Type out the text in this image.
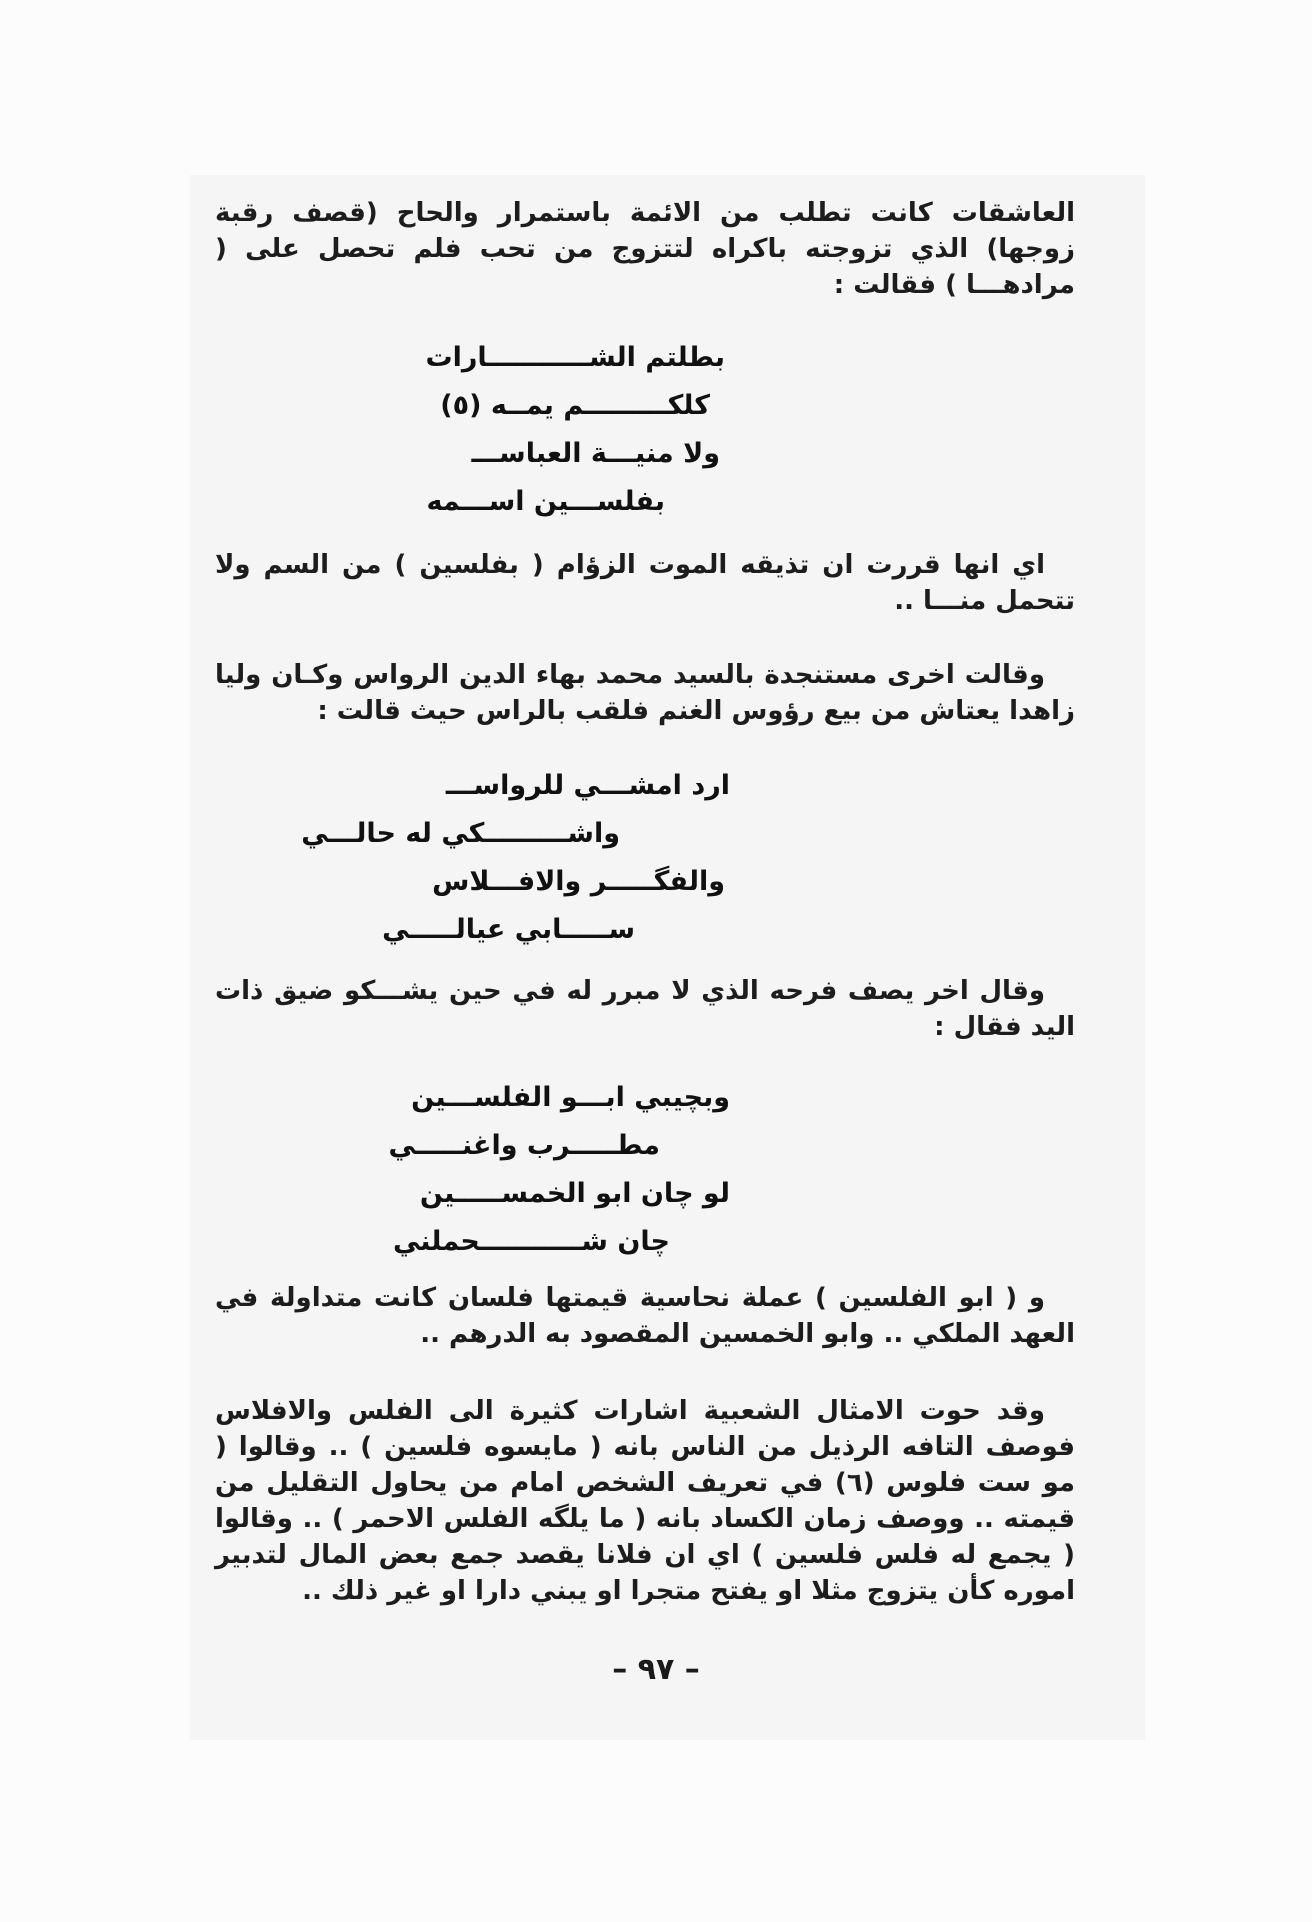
العاشقات كانت تطلب من الائمة باستمرار والحاح (قصف رقبة زوجها) الذي تزوجته باكراه لتتزوج من تحب فلم تحصل على ( مرادهـــا ) فقالت :

بطلتم الشـــــــــــارات

كلكـــــــــم يمــه (٥)

ولا منيـــة العباســـ

بفلســـين اســـمه

اي انها قررت ان تذيقه الموت الزؤام ( بفلسين ) من السم ولا تتحمل منـــا ..

وقالت اخرى مستنجدة بالسيد محمد بهاء الدين الرواس وكـان وليا زاهدا يعتاش من بيع رؤوس الغنم فلقب بالراس حيث قالت :

ارد امشـــي للرواســـ

واشـــــــــكي له حالـــي

والفگـــــر والافـــلاس

ســـــابي عيالـــــي

وقال اخر يصف فرحه الذي لا مبرر له في حين يشـــكو ضيق ذات اليد فقال :

وبچيبي ابـــو الفلســـين

مطـــــرب واغنـــــي

لو چان ابو الخمســـــين

چان شـــــــــــحملني

و ( ابو الفلسين ) عملة نحاسية قيمتها فلسان كانت متداولة في العهد الملكي .. وابو الخمسين المقصود به الدرهم ..

وقد حوت الامثال الشعبية اشارات كثيرة الى الفلس والافلاس فوصف التافه الرذيل من الناس بانه ( مايسوه فلسين ) .. وقالوا ( مو ست فلوس (٦) في تعريف الشخص امام من يحاول التقليل من قيمته .. ووصف زمان الكساد بانه ( ما يلگه الفلس الاحمر ) .. وقالوا ( يجمع له فلس فلسين ) اي ان فلانا يقصد جمع بعض المال لتدبير اموره كأن يتزوج مثلا او يفتح متجرا او يبني دارا او غير ذلك ..

– ٩٧ –
